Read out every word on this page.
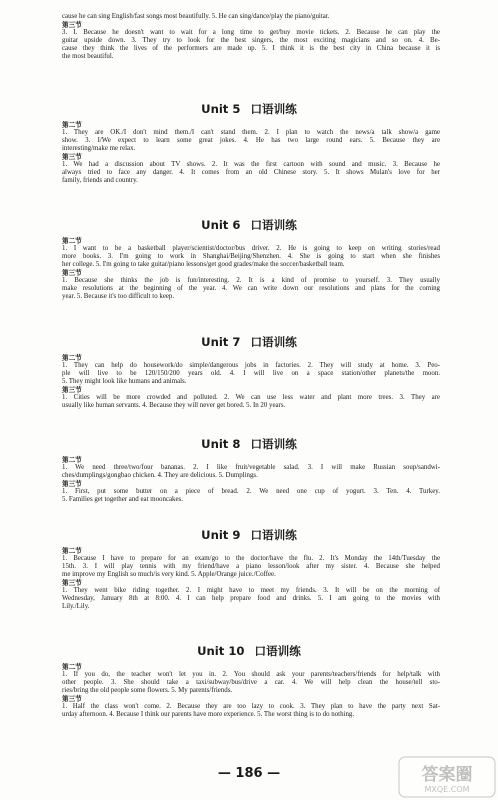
cause he can sing English/fast songs most beautifully. 5. He can sing/dance/play the piano/guitar.
第三节
3. I. Because he doesn't want to wait for a long time to get/buy movie tickets. 2. Because he can play the
guitar upside down. 3. They try to look for the best singers, the most exciting magicians and so on. 4. Be-
cause they think the lives of the performers are made up. 5. I think it is the best city in China because it is
the most beautiful.
Unit 5 口语训练
第二节
1. They are OK./I don't mind them./I can't stand them. 2. I plan to watch the news/a talk show/a game
show. 3. I/We expect to learn some great jokes. 4. He has two large round ears. 5. Because they are
interesting/make me relax.
第三节
1. We had a discussion about TV shows. 2. It was the first cartoon with sound and music. 3. Because he
always tried to face any danger. 4. It comes from an old Chinese story. 5. It shows Mulan's love for her
family, friends and country.
Unit 6 口语训练
第二节
1. I want to be a basketball player/scientist/doctor/bus driver. 2. He is going to keep on writing stories/read
more books. 3. I'm going to work in Shanghai/Beijing/Shenzhen. 4. She is going to start when she finishes
her college. 5. I'm going to take guitar/piano lessons/get good grades/make the soccer/basketball team.
第三节
1. Because she thinks the job is fun/interesting. 2. It is a kind of promise to yourself. 3. They usually
make resolutions at the beginning of the year. 4. We can write down our resolutions and plans for the coming
year. 5. Because it's too difficult to keep.
Unit 7 口语训练
第二节
1. They can help do housework/do simple/dangerous jobs in factories. 2. They will study at home. 3. Peo-
ple will live to be 120/150/200 years old. 4. I will live on a space station/other planets/the moon.
5. They might look like humans and animals.
第三节
1. Cities will be more crowded and polluted. 2. We can use less water and plant more trees. 3. They are
usually like human servants. 4. Because they will never get bored. 5. In 20 years.
Unit 8 口语训练
第二节
1. We need three/two/four bananas. 2. I like fruit/vegetable salad. 3. I will make Russian soup/sandwi-
ches/dumplings/gongbao chicken. 4. They are delicious. 5. Dumplings.
第三节
1. First, put some butter on a piece of bread. 2. We need one cup of yogurt. 3. Ten. 4. Turkey.
5. Families get together and eat mooncakes.
Unit 9 口语训练
第二节
1. Because I have to prepare for an exam/go to the doctor/have the flu. 2. It's Monday the 14th/Tuesday the
15th. 3. I will play tennis with my friend/have a piano lesson/look after my sister. 4. Because she helped
me improve my English so much/is very kind. 5. Apple/Orange juice./Coffee.
第三节
1. They went bike riding together. 2. I might have to meet my friends. 3. It will be on the morning of
Wednesday, January 8th at 8:00. 4. I can help prepare food and drinks. 5. I am going to the movies with
Lily./Lily.
Unit 10 口语训练
第二节
1. If you do, the teacher won't let you in. 2. You should ask your parents/teachers/friends for help/talk with
other people. 3. She should take a taxi/subway/bus/drive a car. 4. We will help clean the house/tell sto-
ries/bring the old people some flowers. 5. My parents/friends.
第三节
1. Half the class won't come. 2. Because they are too lazy to cook. 3. They plan to have the party next Sat-
urday afternoon. 4. Because I think our parents have more experience. 5. The worst thing is to do nothing.
— 186 —	答案圈
MXQE.COM
